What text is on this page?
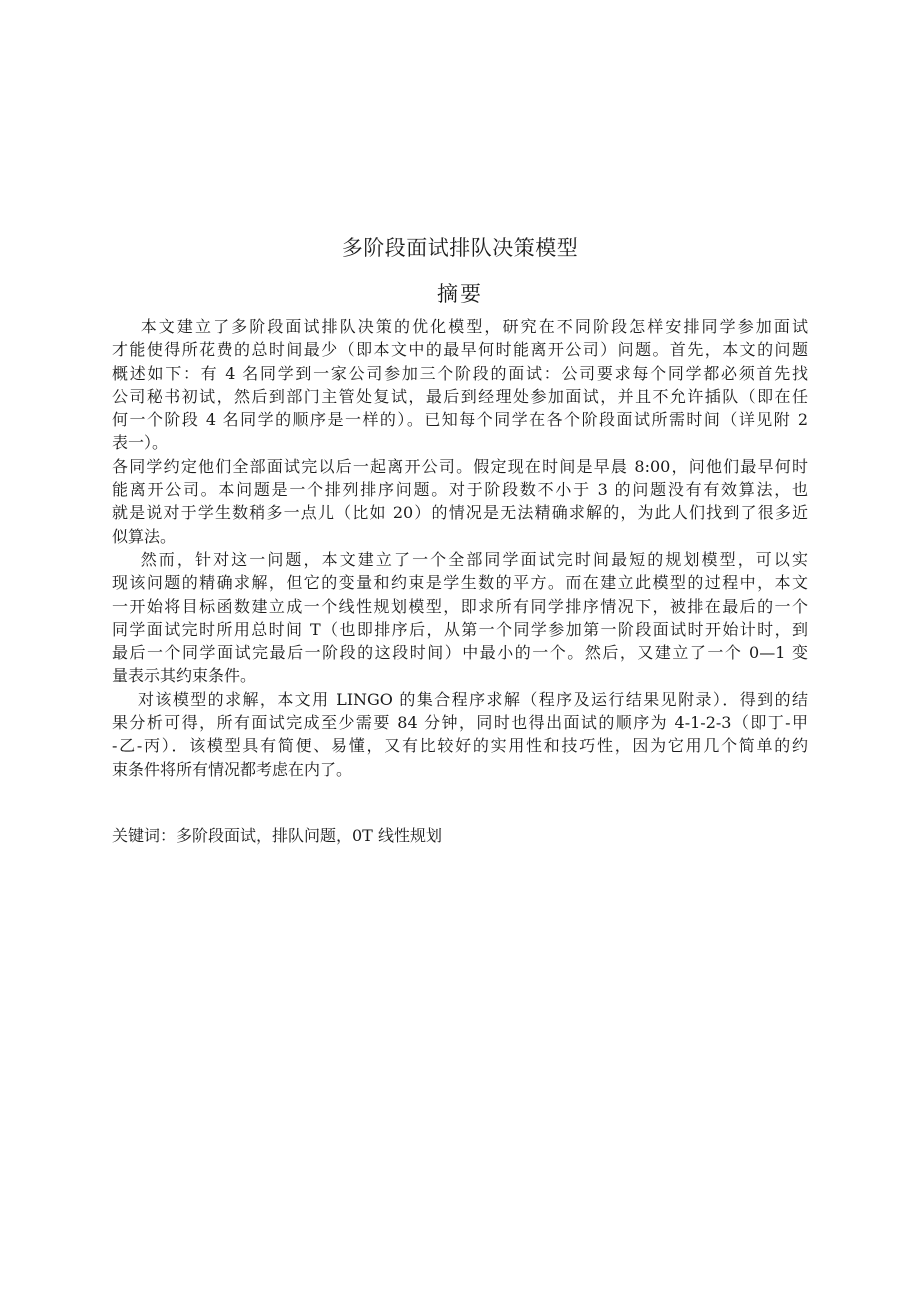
多阶段面试排队决策模型
摘要
本文建立了多阶段面试排队决策的优化模型，研究在不同阶段怎样安排同学参加面试
才能使得所花费的总时间最少（即本文中的最早何时能离开公司）问题。首先，本文的问题
概述如下：有 4 名同学到一家公司参加三个阶段的面试：公司要求每个同学都必须首先找
公司秘书初试，然后到部门主管处复试，最后到经理处参加面试，并且不允许插队（即在任
何一个阶段 4 名同学的顺序是一样的）。已知每个同学在各个阶段面试所需时间（详见附 2
表一）。
各同学约定他们全部面试完以后一起离开公司。假定现在时间是早晨 8:00，问他们最早何时
能离开公司。本问题是一个排列排序问题。对于阶段数不小于 3 的问题没有有效算法，也
就是说对于学生数稍多一点儿（比如 20）的情况是无法精确求解的，为此人们找到了很多近
似算法。
然而，针对这一问题，本文建立了一个全部同学面试完时间最短的规划模型，可以实
现该问题的精确求解，但它的变量和约束是学生数的平方。而在建立此模型的过程中，本文
一开始将目标函数建立成一个线性规划模型，即求所有同学排序情况下，被排在最后的一个
同学面试完时所用总时间 T（也即排序后，从第一个同学参加第一阶段面试时开始计时，到
最后一个同学面试完最后一阶段的这段时间）中最小的一个。然后，又建立了一个 0—1 变
量表示其约束条件。
对该模型的求解，本文用 LINGO 的集合程序求解（程序及运行结果见附录）．得到的结
果分析可得，所有面试完成至少需要 84 分钟，同时也得出面试的顺序为 4-1-2-3（即丁-甲
-乙-丙）．该模型具有简便、易懂，又有比较好的实用性和技巧性，因为它用几个简单的约
束条件将所有情况都考虑在内了。
关键词：多阶段面试，排队问题，0T 线性规划
